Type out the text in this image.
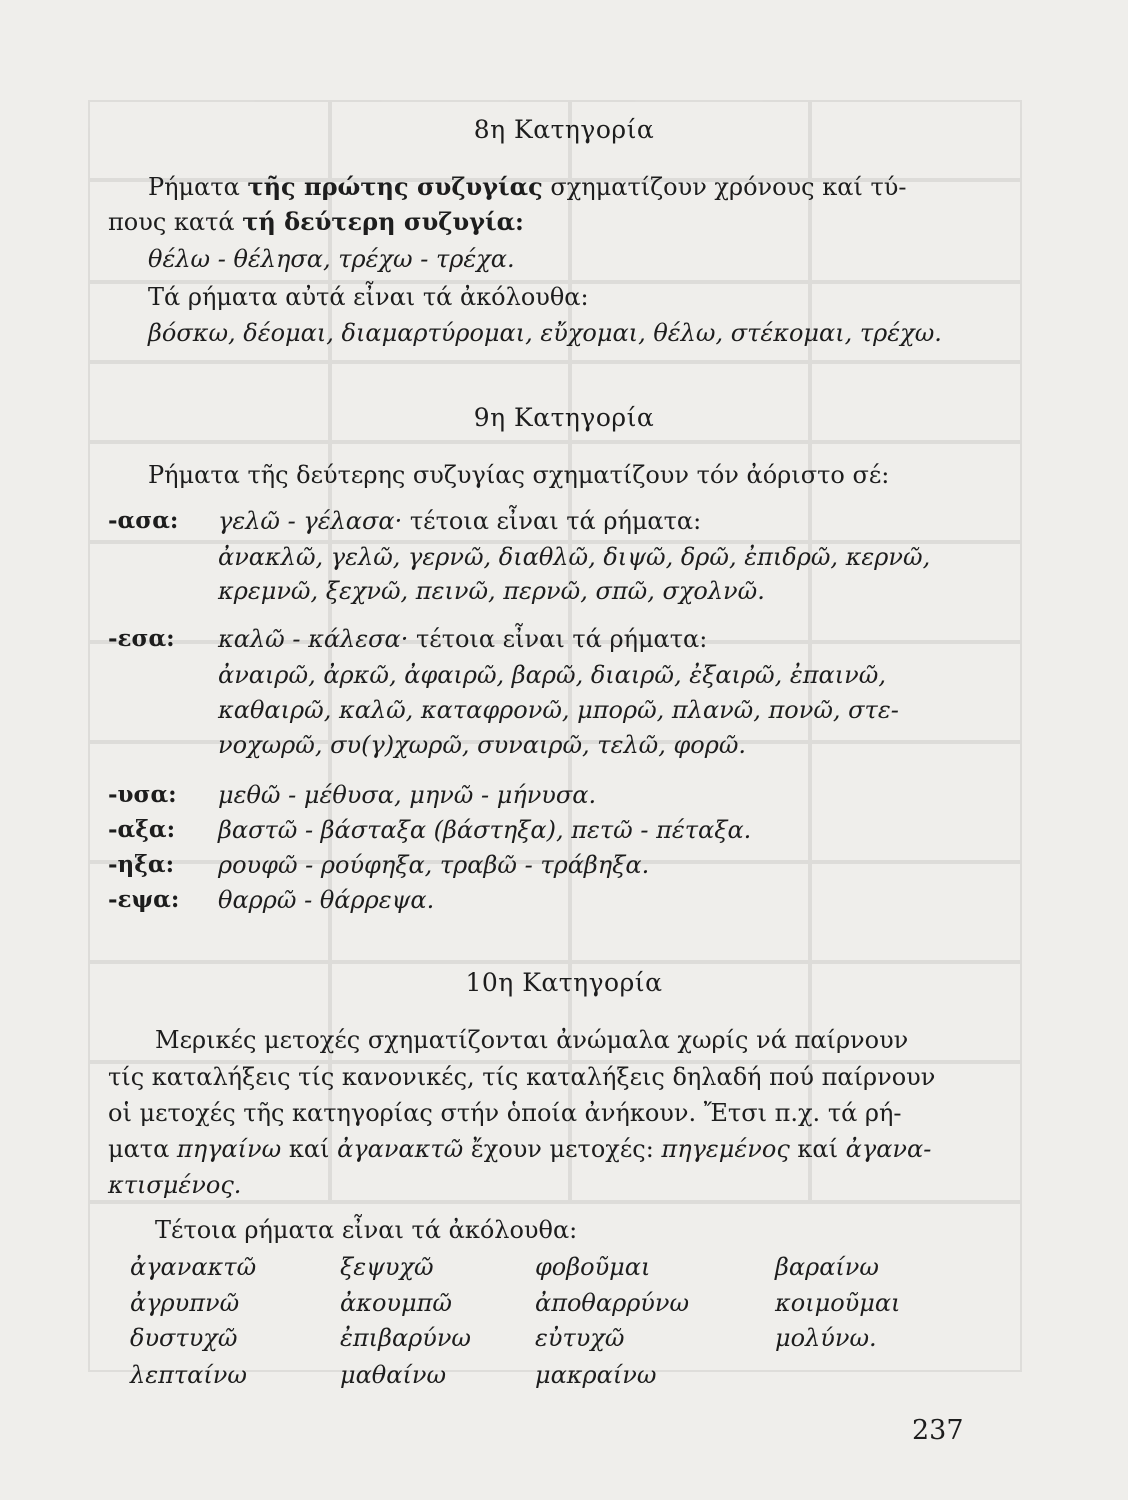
8η Κατηγορία
Ρήματα τῆς πρώτης συζυγίας σχηματίζουν χρόνους καί τύ-
πους κατά τή δεύτερη συζυγία:
θέλω - θέλησα, τρέχω - τρέχα.
Τά ρήματα αὐτά εἶναι τά ἀκόλουθα:
βόσκω, δέομαι, διαμαρτύρομαι, εὔχομαι, θέλω, στέκομαι, τρέχω.
9η Κατηγορία
Ρήματα τῆς δεύτερης συζυγίας σχηματίζουν τόν ἀόριστο σέ:
-ασα: γελῶ - γέλασα· τέτοια εἶναι τά ρήματα:
ἀνακλῶ, γελῶ, γερνῶ, διαθλῶ, διψῶ, δρῶ, ἐπιδρῶ, κερνῶ,
κρεμνῶ, ξεχνῶ, πεινῶ, περνῶ, σπῶ, σχολνῶ.
-εσα: καλῶ - κάλεσα· τέτοια εἶναι τά ρήματα:
ἀναιρῶ, ἀρκῶ, ἀφαιρῶ, βαρῶ, διαιρῶ, ἐξαιρῶ, ἐπαινῶ,
καθαιρῶ, καλῶ, καταφρονῶ, μπορῶ, πλανῶ, πονῶ, στε-
νοχωρῶ, συ(γ)χωρῶ, συναιρῶ, τελῶ, φορῶ.
-υσα: μεθῶ - μέθυσα, μηνῶ - μήνυσα.
-αξα: βαστῶ - βάσταξα (βάστηξα), πετῶ - πέταξα.
-ηξα: ρουφῶ - ρούφηξα, τραβῶ - τράβηξα.
-εψα: θαρρῶ - θάρρεψα.
10η Κατηγορία
Μερικές μετοχές σχηματίζονται ἀνώμαλα χωρίς νά παίρνουν
τίς καταλήξεις τίς κανονικές, τίς καταλήξεις δηλαδή πού παίρνουν
οἱ μετοχές τῆς κατηγορίας στήν ὁποία ἀνήκουν. Ἔτσι π.χ. τά ρή-
ματα πηγαίνω καί ἀγανακτῶ ἔχουν μετοχές: πηγεμένος καί ἀγανα-
κτισμένος.
Τέτοια ρήματα εἶναι τά ἀκόλουθα:
ἀγανακτῶ	ξεψυχῶ	φοβοῦμαι	βαραίνω
ἀγρυπνῶ	ἀκουμπῶ	ἀποθαρρύνω	κοιμοῦμαι
δυστυχῶ	ἐπιβαρύνω	εὐτυχῶ	μολύνω.
λεπταίνω	μαθαίνω	μακραίνω
237
